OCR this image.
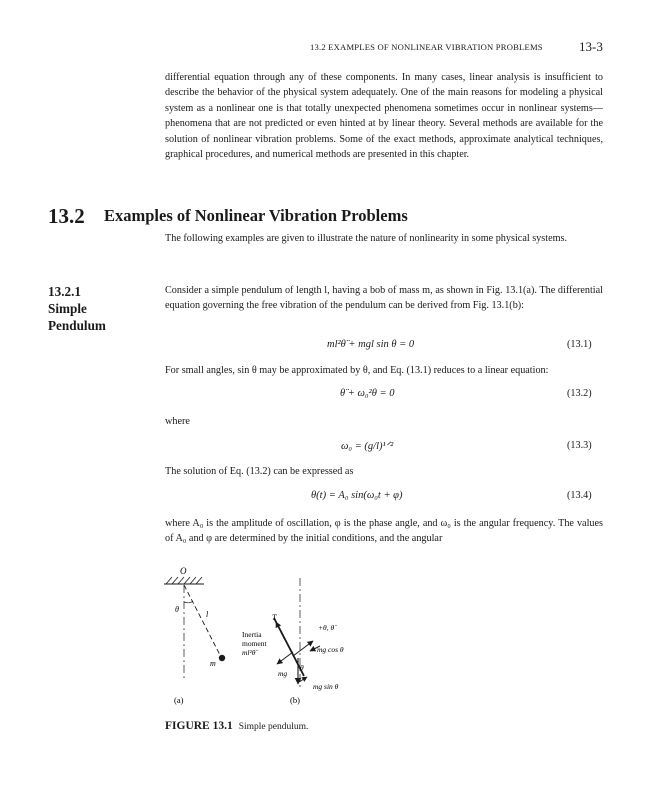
13.2 EXAMPLES OF NONLINEAR VIBRATION PROBLEMS	13-3

differential equation through any of these components. In many cases, linear analysis is insufficient to describe the behavior of the physical system adequately. One of the main reasons for modeling a physical system as a nonlinear one is that totally unexpected phenomena sometimes occur in nonlinear systems—phenomena that are not predicted or even hinted at by linear theory. Several methods are available for the solution of nonlinear vibration problems. Some of the exact methods, approximate analytical techniques, graphical procedures, and numerical methods are presented in this chapter.

13.2 Examples of Nonlinear Vibration Problems

The following examples are given to illustrate the nature of nonlinearity in some physical systems.

13.2.1
Simple Pendulum

Consider a simple pendulum of length l, having a bob of mass m, as shown in Fig. 13.1(a). The differential equation governing the free vibration of the pendulum can be derived from Fig. 13.1(b):

ml²θ̈ + mgl sin θ = 0	(13.1)

For small angles, sin θ may be approximated by θ, and Eq. (13.1) reduces to a linear equation:

θ̈ + ω₀²θ = 0	(13.2)

where

ω₀ = (g/l)¹ᐟ²	(13.3)

The solution of Eq. (13.2) can be expressed as

θ(t) = A₀ sin(ω₀t + φ)	(13.4)

where A₀ is the amplitude of oscillation, φ is the phase angle, and ω₀ is the angular frequency. The values of A₀ and φ are determined by the initial conditions, and the angular

O
θ
l
m
(a)
T
+θ, θ̈
mg cos θ
Inertia moment ml²θ̈
mg
θ
mg sin θ
(b)
FIGURE 13.1 Simple pendulum.
